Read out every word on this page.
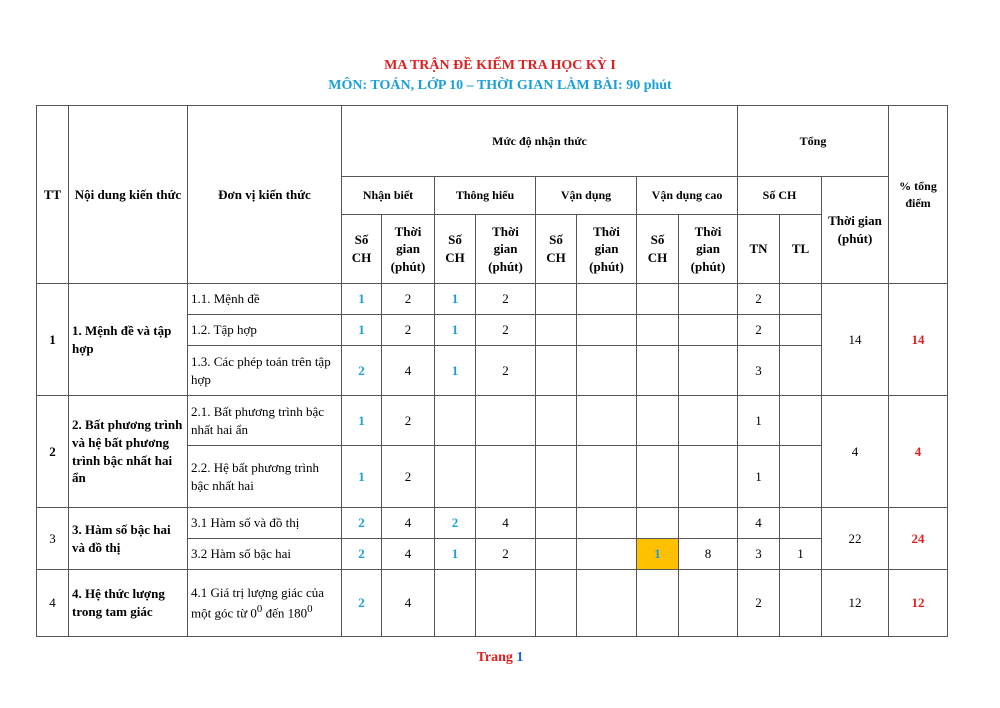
MA TRẬN ĐỀ KIỂM TRA HỌC KỲ I
MÔN: TOÁN, LỚP 10 – THỜI GIAN LÀM BÀI: 90 phút
TT	Nội dung kiến thức	Đơn vị kiến thức	Mức độ nhận thức								Tổng			% tổng điểm
			Nhận biết		Thông hiểu		Vận dụng		Vận dụng cao		Số CH		Thời gian (phút)	
			Số CH	Thời gian (phút)	Số CH	Thời gian (phút)	Số CH	Thời gian (phút)	Số CH	Thời gian (phút)	TN	TL		
1	1. Mệnh đề và tập hợp	1.1. Mệnh đề	1	2	1	2					2		14	14
		1.2. Tập hợp	1	2	1	2					2			
		1.3. Các phép toán trên tập hợp	2	4	1	2					3			
2	2. Bất phương trình và hệ bất phương trình bậc nhất hai ẩn	2.1. Bất phương trình bậc nhất hai ẩn	1	2							1		4	4
		2.2. Hệ bất phương trình bậc nhất hai	1	2							1			
3	3. Hàm số bậc hai và đồ thị	3.1 Hàm số và đồ thị	2	4	2	4					4		22	24
		3.2 Hàm số bậc hai	2	4	1	2			1	8	3	1		
4	4. Hệ thức lượng trong tam giác	4.1 Giá trị lượng giác của một góc từ $0^0$ đến $180^0$	2	4							2		12	12
Trang 1
